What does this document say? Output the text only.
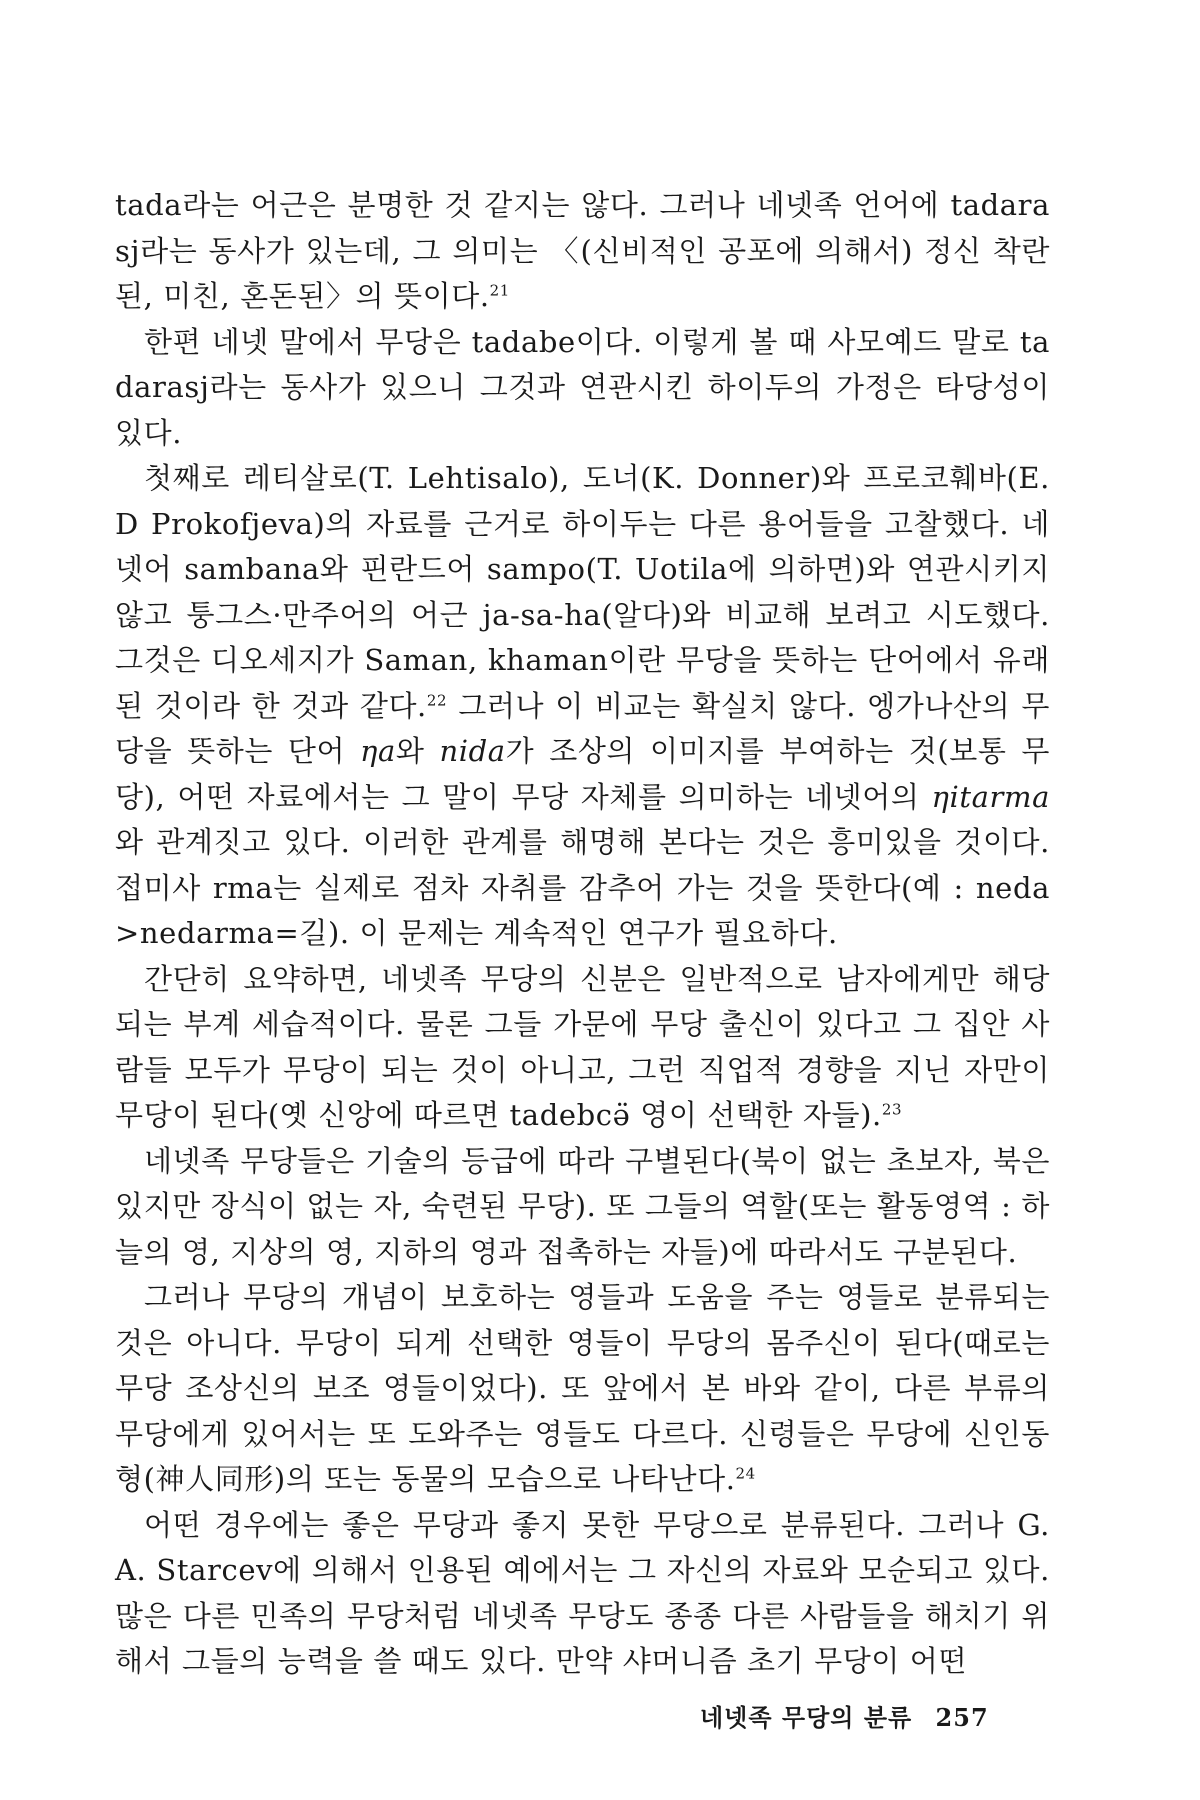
tada라는 어근은 분명한 것 같지는 않다. 그러나 네넷족 언어에 tadarasj라는 동사가 있는데, 그 의미는 〈(신비적인 공포에 의해서) 정신 착란된, 미친, 혼돈된〉의 뜻이다.$^{21}$

한편 네넷 말에서 무당은 tadabe이다. 이렇게 볼 때 사모예드 말로 tadarasj라는 동사가 있으니 그것과 연관시킨 하이두의 가정은 타당성이 있다.

첫째로 레티살로(T. Lehtisalo), 도너(K. Donner)와 프로코훼바(E. D Prokofjeva)의 자료를 근거로 하이두는 다른 용어들을 고찰했다. 네넷어 sambana와 핀란드어 sampo(T. Uotila에 의하면)와 연관시키지 않고 퉁그스·만주어의 어근 ja-sa-ha(알다)와 비교해 보려고 시도했다. 그것은 디오세지가 Saman, khaman이란 무당을 뜻하는 단어에서 유래된 것이라 한 것과 같다.$^{22}$ 그러나 이 비교는 확실치 않다. 엥가나산의 무당을 뜻하는 단어 ηa와 nida가 조상의 이미지를 부여하는 것(보통 무당), 어떤 자료에서는 그 말이 무당 자체를 의미하는 네넷어의 ηitarma와 관계짓고 있다. 이러한 관계를 해명해 본다는 것은 흥미있을 것이다. 접미사 rma는 실제로 점차 자취를 감추어 가는 것을 뜻한다(예 : neda>nedarma=길). 이 문제는 계속적인 연구가 필요하다.

간단히 요약하면, 네넷족 무당의 신분은 일반적으로 남자에게만 해당되는 부계 세습적이다. 물론 그들 가문에 무당 출신이 있다고 그 집안 사람들 모두가 무당이 되는 것이 아니고, 그런 직업적 경향을 지닌 자만이 무당이 된다(옛 신앙에 따르면 tadebcǝ̈ 영이 선택한 자들).$^{23}$

네넷족 무당들은 기술의 등급에 따라 구별된다(북이 없는 초보자, 북은 있지만 장식이 없는 자, 숙련된 무당). 또 그들의 역할(또는 활동영역 : 하늘의 영, 지상의 영, 지하의 영과 접촉하는 자들)에 따라서도 구분된다.

그러나 무당의 개념이 보호하는 영들과 도움을 주는 영들로 분류되는 것은 아니다. 무당이 되게 선택한 영들이 무당의 몸주신이 된다(때로는 무당 조상신의 보조 영들이었다). 또 앞에서 본 바와 같이, 다른 부류의 무당에게 있어서는 또 도와주는 영들도 다르다. 신령들은 무당에 신인동형(神人同形)의 또는 동물의 모습으로 나타난다.$^{24}$

어떤 경우에는 좋은 무당과 좋지 못한 무당으로 분류된다. 그러나 G. A. Starcev에 의해서 인용된 예에서는 그 자신의 자료와 모순되고 있다. 많은 다른 민족의 무당처럼 네넷족 무당도 종종 다른 사람들을 해치기 위해서 그들의 능력을 쓸 때도 있다. 만약 샤머니즘 초기 무당이 어떤

네넷족 무당의 분류 257
